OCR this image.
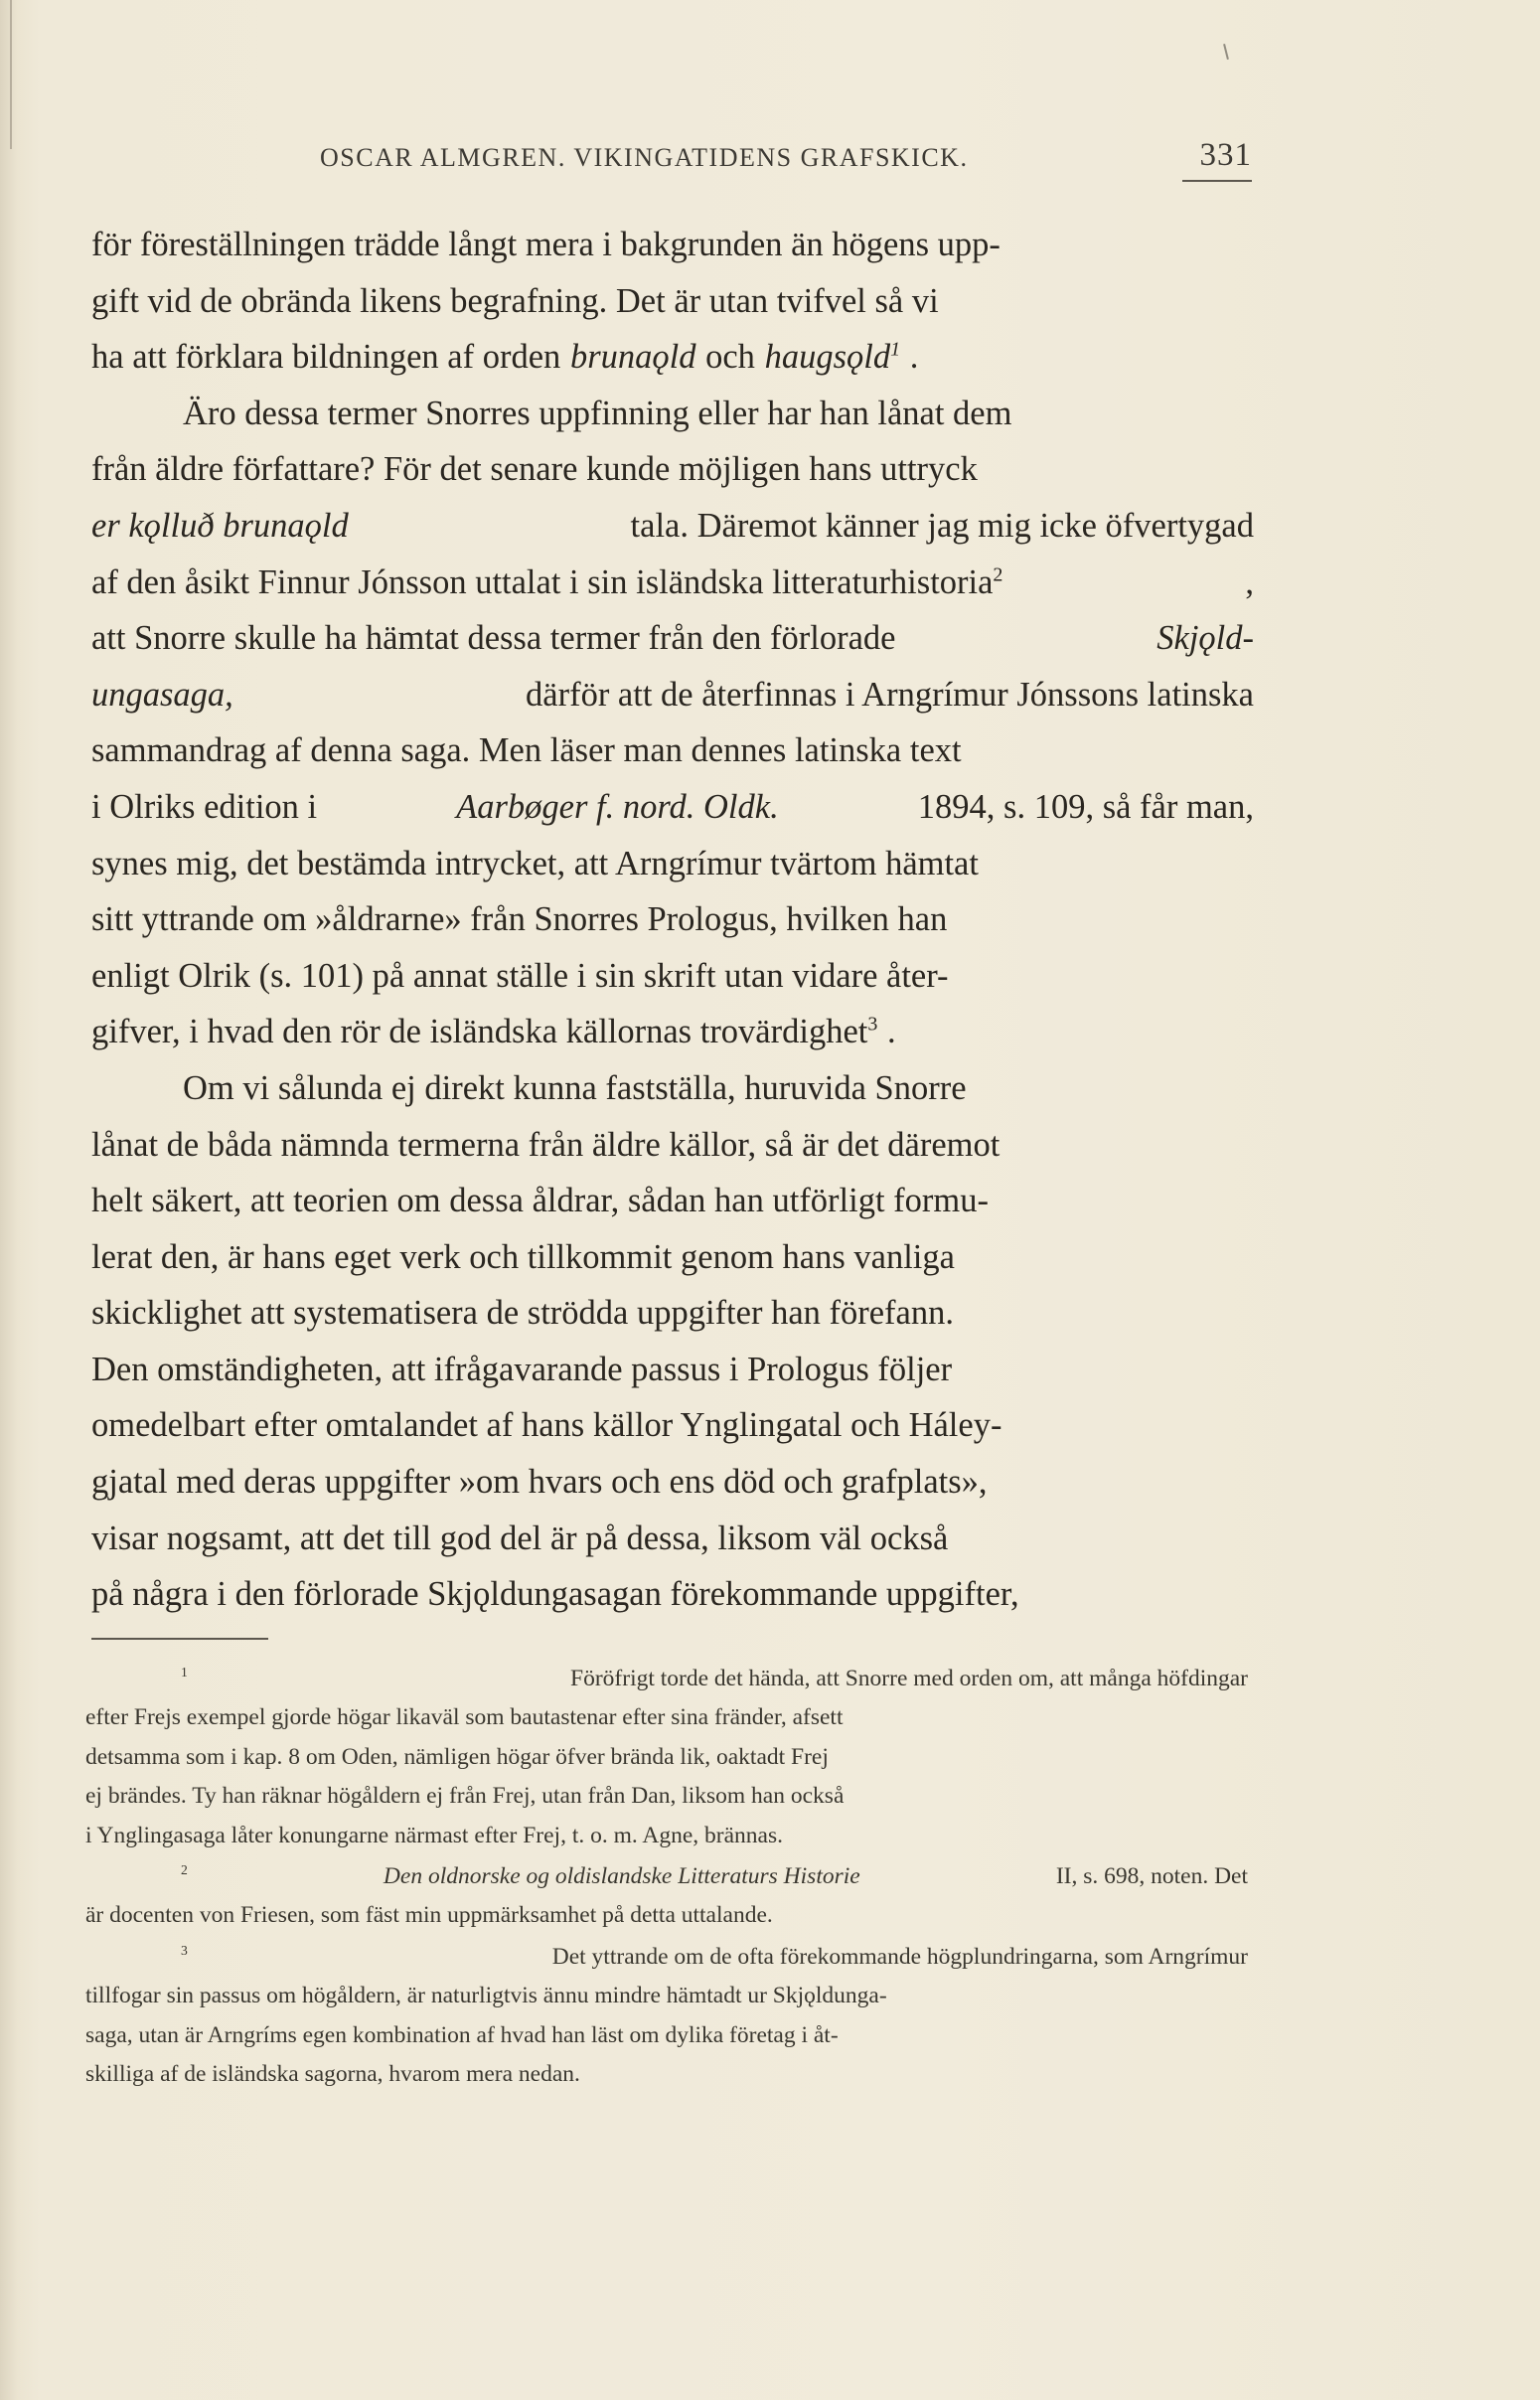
OSCAR ALMGREN. VIKINGATIDENS GRAFSKICK.	331
för föreställningen trädde långt mera i bakgrunden än högens upp-
gift vid de obrända likens begrafning. Det är utan tvifvel så vi
ha att förklara bildningen af orden brunaǫld och haugsǫld$^1$ .
Äro dessa termer Snorres uppfinning eller har han lånat dem
från äldre författare? För det senare kunde möjligen hans uttryck
er kǫlluð brunaǫld	tala. Däremot känner jag mig icke öfvertygad
af den åsikt Finnur Jónsson uttalat i sin isländska litteraturhistoria$^2$	,
att Snorre skulle ha hämtat dessa termer från den förlorade	Skjǫld-
ungasaga,	därför att de återfinnas i Arngrímur Jónssons latinska
sammandrag af denna saga. Men läser man dennes latinska text
i Olriks edition i	Aarbøger f. nord. Oldk.	1894, s. 109, så får man,
synes mig, det bestämda intrycket, att Arngrímur tvärtom hämtat
sitt yttrande om »åldrarne» från Snorres Prologus, hvilken han
enligt Olrik (s. 101) på annat ställe i sin skrift utan vidare åter-
gifver, i hvad den rör de isländska källornas trovärdighet$^3$ .
Om vi sålunda ej direkt kunna fastställa, huruvida Snorre
lånat de båda nämnda termerna från äldre källor, så är det däremot
helt säkert, att teorien om dessa åldrar, sådan han utförligt formu-
lerat den, är hans eget verk och tillkommit genom hans vanliga
skicklighet att systematisera de strödda uppgifter han förefann.
Den omständigheten, att ifrågavarande passus i Prologus följer
omedelbart efter omtalandet af hans källor Ynglingatal och Háley-
gjatal med deras uppgifter »om hvars och ens död och grafplats»,
visar nogsamt, att det till god del är på dessa, liksom väl också
på några i den förlorade Skjǫldungasagan förekommande uppgifter,
$^1$	Föröfrigt torde det hända, att Snorre med orden om, att många höfdingar
efter Frejs exempel gjorde högar likaväl som bautastenar efter sina fränder, afsett
detsamma som i kap. 8 om Oden, nämligen högar öfver brända lik, oaktadt Frej
ej brändes. Ty han räknar högåldern ej från Frej, utan från Dan, liksom han också
i Ynglingasaga låter konungarne närmast efter Frej, t. o. m. Agne, brännas.
$^2$	Den oldnorske og oldislandske Litteraturs Historie	II, s. 698, noten. Det
är docenten von Friesen, som fäst min uppmärksamhet på detta uttalande.
$^3$	Det yttrande om de ofta förekommande högplundringarna, som Arngrímur
tillfogar sin passus om högåldern, är naturligtvis ännu mindre hämtadt ur Skjǫldunga-
saga, utan är Arngríms egen kombination af hvad han läst om dylika företag i åt-
skilliga af de isländska sagorna, hvarom mera nedan.
